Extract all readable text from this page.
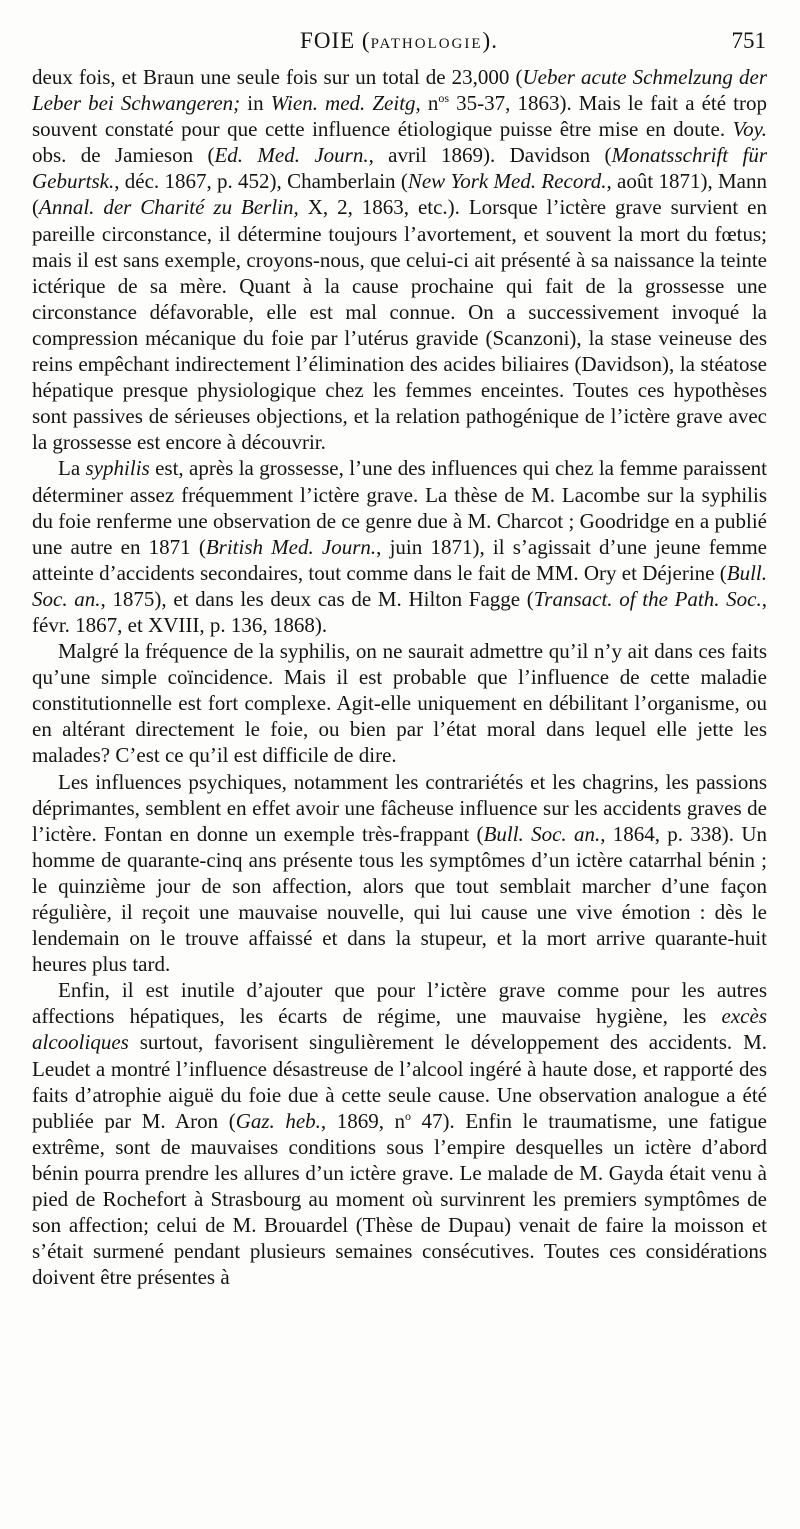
FOIE (PATHOLOGIE).	751

deux fois, et Braun une seule fois sur un total de 23,000 (Ueber acute Schmelzung der Leber bei Schwangeren; in Wien. med. Zeitg, $n^{os}$ 35-37, 1863). Mais le fait a été trop souvent constaté pour que cette influence étiologique puisse être mise en doute. Voy. obs. de Jamieson (Ed. Med. Journ., avril 1869). Davidson (Monatsschrift für Geburtsk., déc. 1867, p. 452), Chamberlain (New York Med. Record., août 1871), Mann (Annal. der Charité zu Berlin, X, 2, 1863, etc.). Lorsque l’ictère grave survient en pareille circonstance, il détermine toujours l’avortement, et souvent la mort du fœtus; mais il est sans exemple, croyons-nous, que celui-ci ait présenté à sa naissance la teinte ictérique de sa mère. Quant à la cause prochaine qui fait de la grossesse une circonstance défavorable, elle est mal connue. On a successivement invoqué la compression mécanique du foie par l’utérus gravide (Scanzoni), la stase veineuse des reins empêchant indirectement l’élimination des acides biliaires (Davidson), la stéatose hépatique presque physiologique chez les femmes enceintes. Toutes ces hypothèses sont passives de sérieuses objections, et la relation pathogénique de l’ictère grave avec la grossesse est encore à découvrir.

La syphilis est, après la grossesse, l’une des influences qui chez la femme paraissent déterminer assez fréquemment l’ictère grave. La thèse de M. Lacombe sur la syphilis du foie renferme une observation de ce genre due à M. Charcot ; Goodridge en a publié une autre en 1871 (British Med. Journ., juin 1871), il s’agissait d’une jeune femme atteinte d’accidents secondaires, tout comme dans le fait de MM. Ory et Déjerine (Bull. Soc. an., 1875), et dans les deux cas de M. Hilton Fagge (Transact. of the Path. Soc., févr. 1867, et XVIII, p. 136, 1868).

Malgré la fréquence de la syphilis, on ne saurait admettre qu’il n’y ait dans ces faits qu’une simple coïncidence. Mais il est probable que l’influence de cette maladie constitutionnelle est fort complexe. Agit-elle uniquement en débilitant l’organisme, ou en altérant directement le foie, ou bien par l’état moral dans lequel elle jette les malades? C’est ce qu’il est difficile de dire.

Les influences psychiques, notamment les contrariétés et les chagrins, les passions déprimantes, semblent en effet avoir une fâcheuse influence sur les accidents graves de l’ictère. Fontan en donne un exemple très-frappant (Bull. Soc. an., 1864, p. 338). Un homme de quarante-cinq ans présente tous les symptômes d’un ictère catarrhal bénin ; le quinzième jour de son affection, alors que tout semblait marcher d’une façon régulière, il reçoit une mauvaise nouvelle, qui lui cause une vive émotion : dès le lendemain on le trouve affaissé et dans la stupeur, et la mort arrive quarante-huit heures plus tard.

Enfin, il est inutile d’ajouter que pour l’ictère grave comme pour les autres affections hépatiques, les écarts de régime, une mauvaise hygiène, les excès alcooliques surtout, favorisent singulièrement le développement des accidents. M. Leudet a montré l’influence désastreuse de l’alcool ingéré à haute dose, et rapporté des faits d’atrophie aiguë du foie due à cette seule cause. Une observation analogue a été publiée par M. Aron (Gaz. heb., 1869, $n^o$ 47). Enfin le traumatisme, une fatigue extrême, sont de mauvaises conditions sous l’empire desquelles un ictère d’abord bénin pourra prendre les allures d’un ictère grave. Le malade de M. Gayda était venu à pied de Rochefort à Strasbourg au moment où survinrent les premiers symptômes de son affection; celui de M. Brouardel (Thèse de Dupau) venait de faire la moisson et s’était surmené pendant plusieurs semaines consécutives. Toutes ces considérations doivent être présentes à
